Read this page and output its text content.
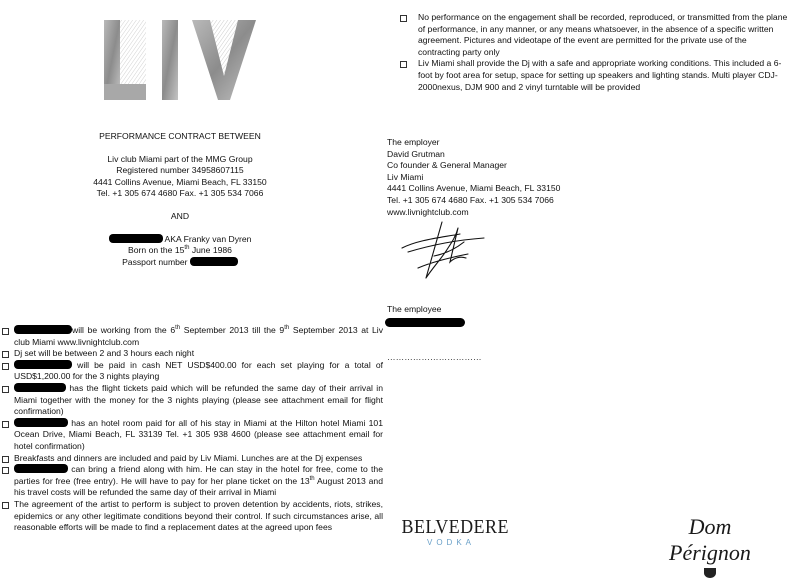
PERFORMANCE CONTRACT BETWEEN
Liv club Miami part of the MMG Group
Registered number 34958607115
4441 Collins Avenue, Miami Beach, FL 33150
Tel. +1 305 674 4680 Fax. +1 305 534 7066
AND
AKA Franky van Dyren
Born on the 15th June 1986
Passport number
No performance on the engagement shall be recorded, reproduced, or transmitted from the plane of performance, in any manner, or any means whatsoever, in the absence of a specific written agreement. Pictures and videotape of the event are permitted for the private use of the contracting party only
Liv Miami shall provide the Dj with a safe and appropriate working conditions. This included a 6-foot by foot area for setup, space for setting up speakers and lighting stands. Multi player CDJ-2000nexus, DJM 900 and 2 vinyl turntable will be provided
The employer
David Grutman
Co founder & General Manager
Liv Miami
4441 Collins Avenue, Miami Beach, FL 33150
Tel. +1 305 674 4680 Fax. +1 305 534 7066
www.livnightclub.com
The employee
……………………………
will be working from the 6th September 2013 till the 9th September 2013 at Liv club Miami www.livnightclub.com
Dj set will be between 2 and 3 hours each night
will be paid in cash NET USD$400.00 for each set playing for a total of USD$1,200.00 for the 3 nights playing
has the flight tickets paid which will be refunded the same day of their arrival in Miami together with the money for the 3 nights playing (please see attachment email for flight confirmation)
has an hotel room paid for all of his stay in Miami at the Hilton hotel Miami 101 Ocean Drive, Miami Beach, FL 33139 Tel. +1 305 938 4600 (please see attachment email for hotel confirmation)
Breakfasts and dinners are included and paid by Liv Miami. Lunches are at the Dj expenses
can bring a friend along with him. He can stay in the hotel for free, come to the parties for free (free entry). He will have to pay for her plane ticket on the 13th August 2013 and his travel costs will be refunded the same day of their arrival in Miami
The agreement of the artist to perform is subject to proven detention by accidents, riots, strikes, epidemics or any other legitimate conditions beyond their control. If such circumstances arise, all reasonable efforts will be made to find a replacement dates at the agreed upon fees	BELVEDERE
VODKA
Dom Pérignon
